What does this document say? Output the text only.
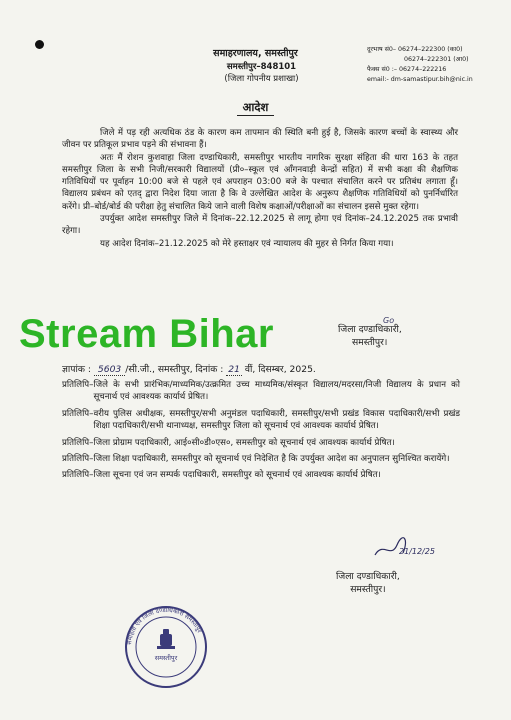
समाहरणालय, समस्तीपुर
समस्तीपुर–848101
(जिला गोपनीय प्रशाखा)
दूरभाष सं0– 06274–222300 (का0)
06274–222301 (आ0)
फैक्स सं0 :– 06274–222216
email:- dm-samastipur.bih@nic.in
आदेश

जिले में पड़ रही अत्यधिक ठंड के कारण कम तापमान की स्थिति बनी हुई है, जिसके कारण बच्चों के स्वास्थ्य और जीवन पर प्रतिकूल प्रभाव पड़ने की संभावना हैं।

अतः मैं रोशन कुशवाहा जिला दण्डाधिकारी, समस्तीपुर भारतीय नागरिक सुरक्षा संहिता की धारा 163 के तहत समस्तीपुर जिला के सभी निजी/सरकारी विद्यालयों (प्री०–स्कूल एवं ऑंगनवाड़ी केन्द्रों सहित) में सभी कक्षा की शैक्षणिक गतिविधियों पर पूर्वाहन 10:00 बजे से पहले एवं अपराहन 03:00 बजे के पश्चात संचालित करने पर प्रतिबंध लगाता हूँ। विद्यालय प्रबंधन को एतद् द्वारा निदेश दिया जाता है कि वे उल्लेखित आदेश के अनुरूप शैक्षणिक गतिविधियों को पुनर्निर्धारित करेंगे। प्री–बोर्ड/बोर्ड की परीक्षा हेतु संचालित किये जाने वाली विशेष कक्षाओं/परीक्षाओं का संचालन इससे मुक्त रहेगा।

उपर्युक्त आदेश समस्तीपुर जिले में दिनांक–22.12.2025 से लागू होगा एवं दिनांक–24.12.2025 तक प्रभावी रहेगा।

यह आदेश दिनांक–21.12.2025 को मेरे हस्ताक्षर एवं न्यायालय की मुहर से निर्गत किया गया।

Stream Bihar	Go
जिला दण्डाधिकारी,
समस्तीपुर।
ज्ञापांक : 5603 /सी.जी., समस्तीपुर, दिनांक : 21 वीं, दिसम्बर, 2025.
प्रतिलिपि– जिले के सभी प्रारंभिक/माध्यमिक/उत्क्रमित उच्च माध्यमिक/संस्कृत विद्यालय/मदरसा/निजी विद्यालय के प्रधान को सूचनार्थ एवं आवश्यक कार्यार्थ प्रेषित।
प्रतिलिपि– वरीय पुलिस अधीक्षक, समस्तीपुर/सभी अनुमंडल पदाधिकारी, समस्तीपुर/सभी प्रखंड विकास पदाधिकारी/सभी प्रखंड शिक्षा पदाधिकारी/सभी थानाध्यक्ष, समस्तीपुर जिला को सूचनार्थ एवं आवश्यक कार्यार्थ प्रेषित।
प्रतिलिपि– जिला प्रोग्राम पदाधिकारी, आई०सी०डी०एस०, समस्तीपुर को सूचनार्थ एवं आवश्यक कार्यार्थ प्रेषित।
प्रतिलिपि– जिला शिक्षा पदाधिकारी, समस्तीपुर को सूचनार्थ एवं निदेशित है कि उपर्युक्त आदेश का अनुपालन सुनिश्चित करायेंगे।
प्रतिलिपि– जिला सूचना एवं जन सम्पर्क पदाधिकारी, समस्तीपुर को सूचनार्थ एवं आवश्यक कार्यार्थ प्रेषित।
21/12/25
जिला दण्डाधिकारी,
समस्तीपुर।
समाहर्ता एवं जिला दण्डाधिकारी समस्तीपुर
समस्तीपुर
